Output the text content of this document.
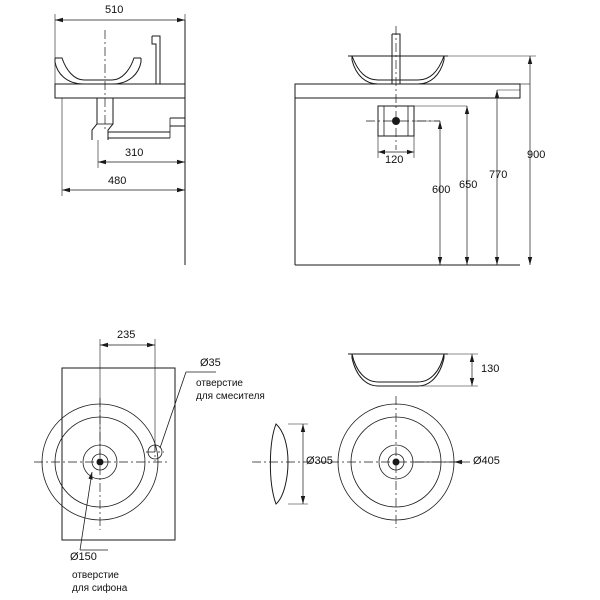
510
310
480
120
600 650
770
900
235
Ø35
отверстие
для смесителя
Ø150
отверстие
для сифона
Ø305
130
Ø405
